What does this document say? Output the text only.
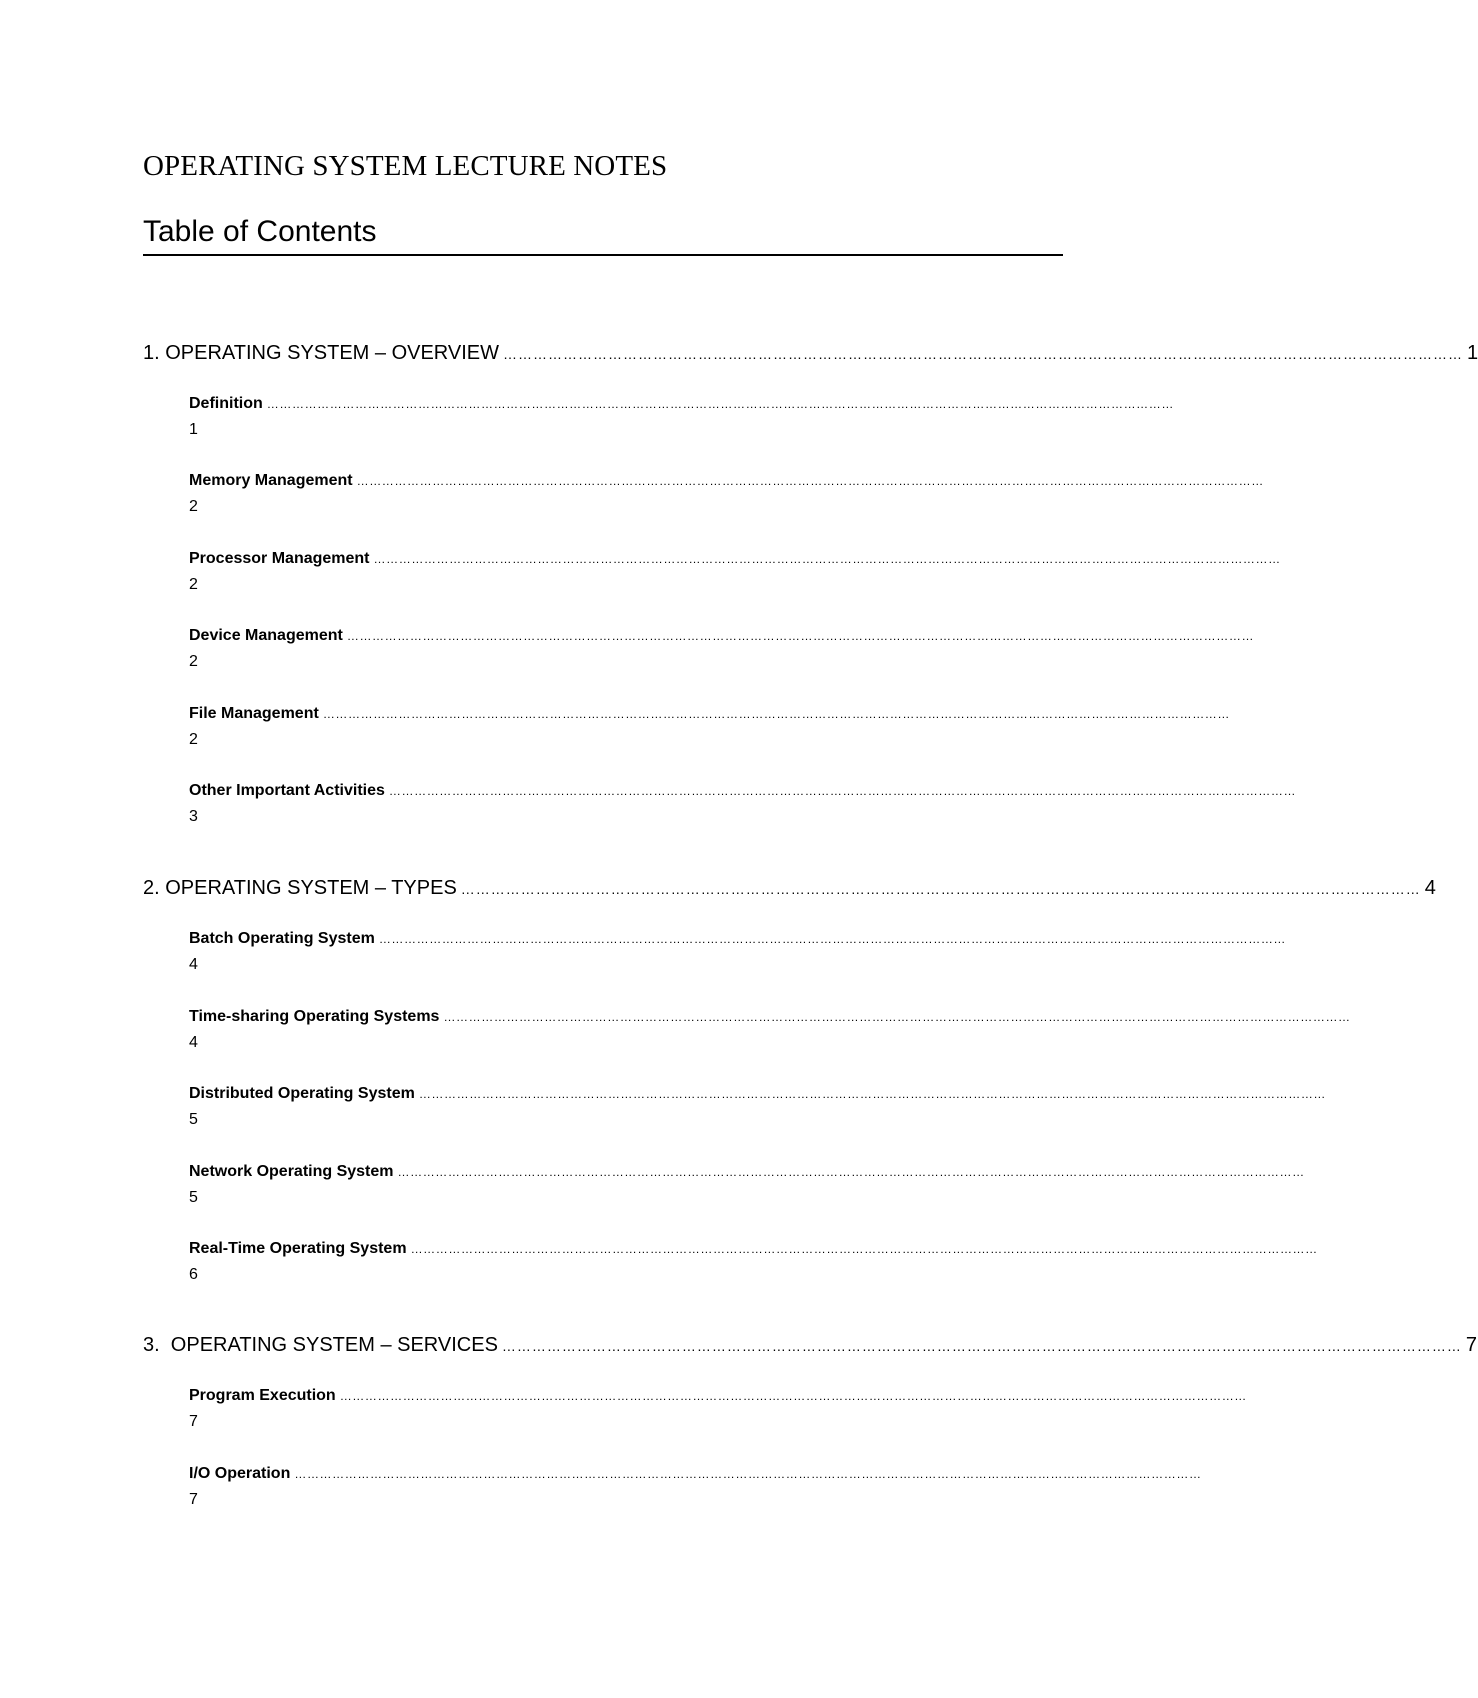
OPERATING SYSTEM LECTURE NOTES
Table of Contents
1. OPERATING SYSTEM – OVERVIEW ………………………………………………………………………………………………………………………………………………………………………… 1
Definition ………………………………………………………………………………………………………………………………………………………………………………………………
1
Memory Management ………………………………………………………………………………………………………………………………………………………………………………………………
2
Processor Management ………………………………………………………………………………………………………………………………………………………………………………………………
2
Device Management ………………………………………………………………………………………………………………………………………………………………………………………………
2
File Management ………………………………………………………………………………………………………………………………………………………………………………………………
2
Other Important Activities ………………………………………………………………………………………………………………………………………………………………………………………………
3
2. OPERATING SYSTEM – TYPES ………………………………………………………………………………………………………………………………………………………………………… 4
Batch Operating System ………………………………………………………………………………………………………………………………………………………………………………………………
4
Time-sharing Operating Systems ………………………………………………………………………………………………………………………………………………………………………………………………
4
Distributed Operating System ………………………………………………………………………………………………………………………………………………………………………………………………
5
Network Operating System ………………………………………………………………………………………………………………………………………………………………………………………………
5
Real-Time Operating System ………………………………………………………………………………………………………………………………………………………………………………………………
6
3.  OPERATING SYSTEM – SERVICES ………………………………………………………………………………………………………………………………………………………………………… 7
Program Execution ………………………………………………………………………………………………………………………………………………………………………………………………
7
I/O Operation ………………………………………………………………………………………………………………………………………………………………………………………………
7
